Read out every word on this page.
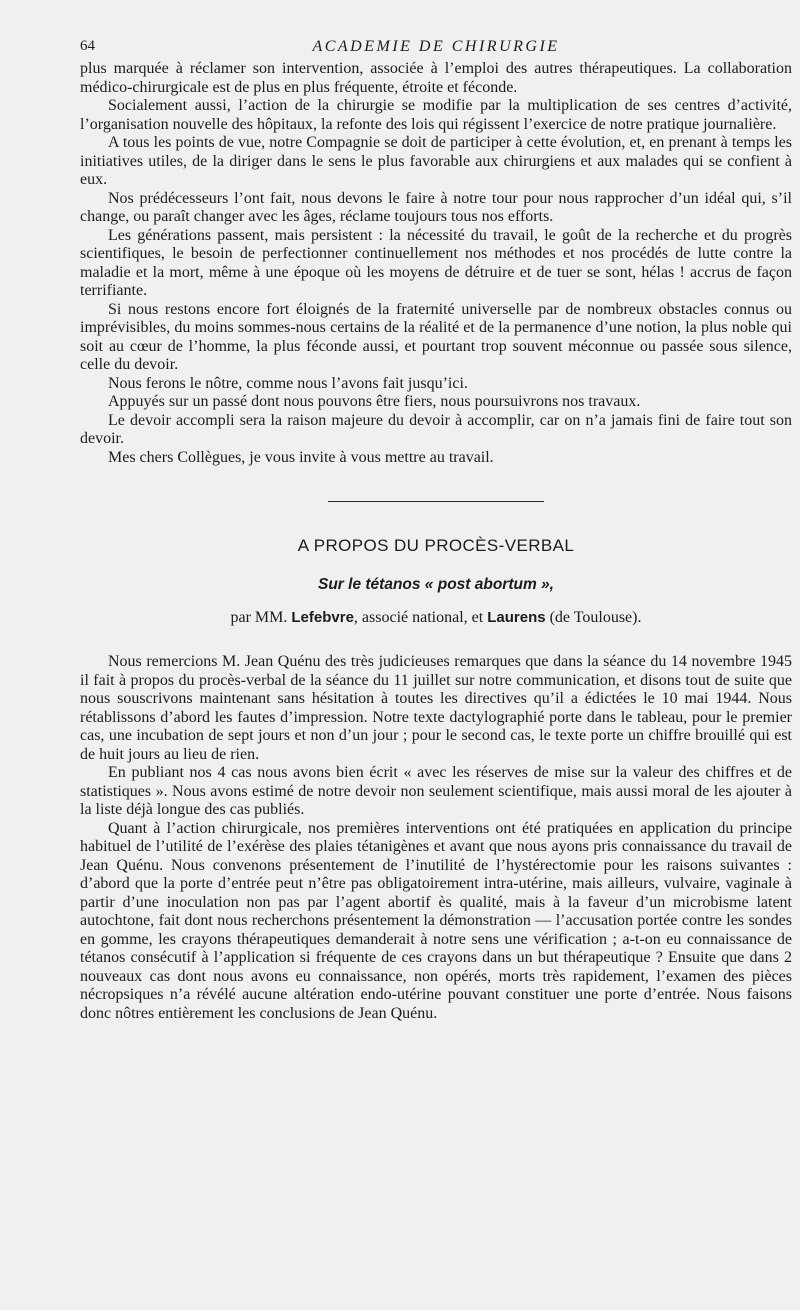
64	ACADEMIE DE CHIRURGIE

plus marquée à réclamer son intervention, associée à l’emploi des autres thérapeutiques. La collaboration médico-chirurgicale est de plus en plus fréquente, étroite et féconde.

Socialement aussi, l’action de la chirurgie se modifie par la multiplication de ses centres d’activité, l’organisation nouvelle des hôpitaux, la refonte des lois qui régissent l’exercice de notre pratique journalière.

A tous les points de vue, notre Compagnie se doit de participer à cette évolution, et, en prenant à temps les initiatives utiles, de la diriger dans le sens le plus favorable aux chirurgiens et aux malades qui se confient à eux.

Nos prédécesseurs l’ont fait, nous devons le faire à notre tour pour nous rapprocher d’un idéal qui, s’il change, ou paraît changer avec les âges, réclame toujours tous nos efforts.

Les générations passent, mais persistent : la nécessité du travail, le goût de la recherche et du progrès scientifiques, le besoin de perfectionner continuellement nos méthodes et nos procédés de lutte contre la maladie et la mort, même à une époque où les moyens de détruire et de tuer se sont, hélas ! accrus de façon terrifiante.

Si nous restons encore fort éloignés de la fraternité universelle par de nombreux obstacles connus ou imprévisibles, du moins sommes-nous certains de la réalité et de la permanence d’une notion, la plus noble qui soit au cœur de l’homme, la plus féconde aussi, et pourtant trop souvent méconnue ou passée sous silence, celle du devoir.

Nous ferons le nôtre, comme nous l’avons fait jusqu’ici.

Appuyés sur un passé dont nous pouvons être fiers, nous poursuivrons nos travaux.

Le devoir accompli sera la raison majeure du devoir à accomplir, car on n’a jamais fini de faire tout son devoir.

Mes chers Collègues, je vous invite à vous mettre au travail.

A PROPOS DU PROCÈS-VERBAL
Sur le tétanos « post abortum »,
par MM. Lefebvre, associé national, et Laurens (de Toulouse).

Nous remercions M. Jean Quénu des très judicieuses remarques que dans la séance du 14 novembre 1945 il fait à propos du procès-verbal de la séance du 11 juillet sur notre communication, et disons tout de suite que nous souscrivons maintenant sans hésitation à toutes les directives qu’il a édictées le 10 mai 1944. Nous rétablissons d’abord les fautes d’impression. Notre texte dactylographié porte dans le tableau, pour le premier cas, une incubation de sept jours et non d’un jour ; pour le second cas, le texte porte un chiffre brouillé qui est de huit jours au lieu de rien.

En publiant nos 4 cas nous avons bien écrit « avec les réserves de mise sur la valeur des chiffres et de statistiques ». Nous avons estimé de notre devoir non seulement scientifique, mais aussi moral de les ajouter à la liste déjà longue des cas publiés.

Quant à l’action chirurgicale, nos premières interventions ont été pratiquées en application du principe habituel de l’utilité de l’exérèse des plaies tétanigènes et avant que nous ayons pris connaissance du travail de Jean Quénu. Nous convenons présentement de l’inutilité de l’hystérectomie pour les raisons suivantes : d’abord que la porte d’entrée peut n’être pas obligatoirement intra-utérine, mais ailleurs, vulvaire, vaginale à partir d’une inoculation non pas par l’agent abortif ès qualité, mais à la faveur d’un microbisme latent autochtone, fait dont nous recherchons présentement la démonstration — l’accusation portée contre les sondes en gomme, les crayons thérapeutiques demanderait à notre sens une vérification ; a-t-on eu connaissance de tétanos consécutif à l’application si fréquente de ces crayons dans un but thérapeutique ? Ensuite que dans 2 nouveaux cas dont nous avons eu connaissance, non opérés, morts très rapidement, l’examen des pièces nécropsiques n’a révélé aucune altération endo-utérine pouvant constituer une porte d’entrée. Nous faisons donc nôtres entièrement les conclusions de Jean Quénu.
